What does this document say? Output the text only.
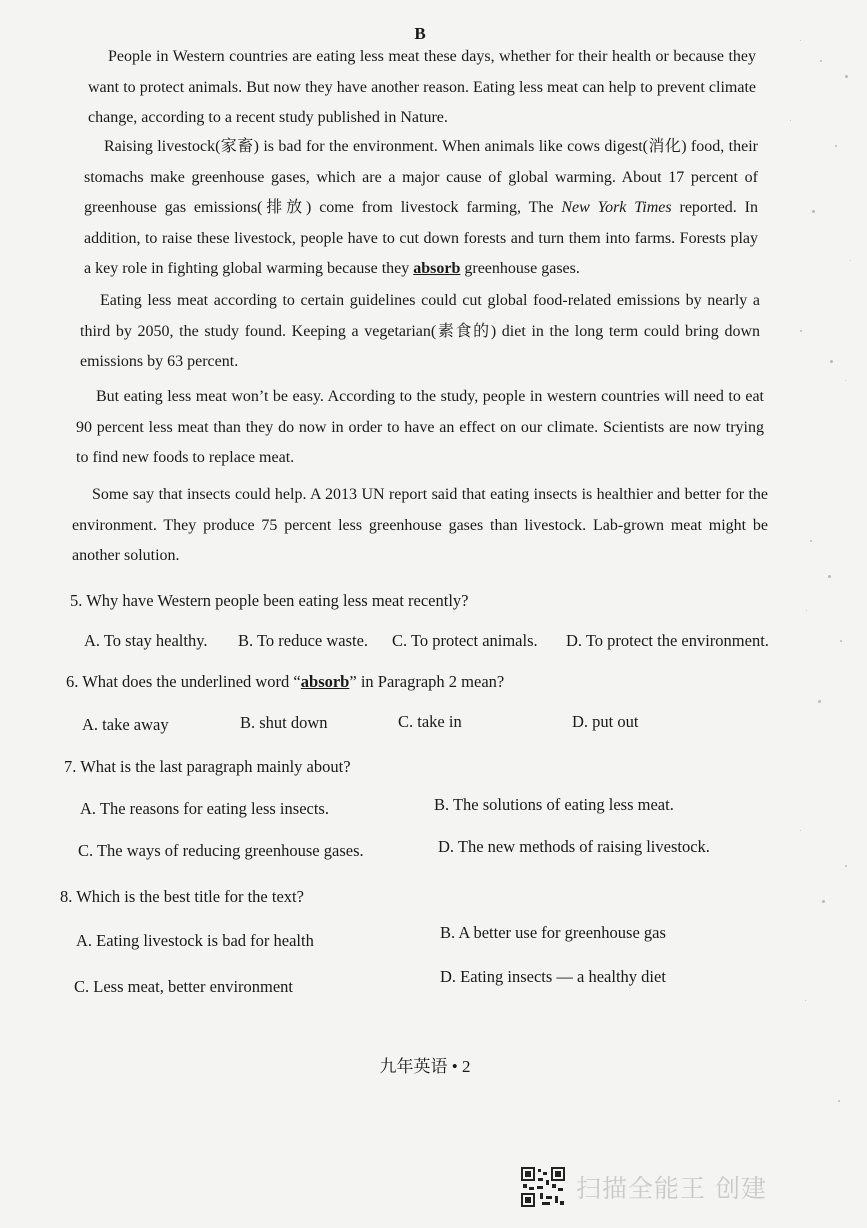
B

People in Western countries are eating less meat these days, whether for their health or because they want to protect animals. But now they have another reason. Eating less meat can help to prevent climate change, according to a recent study published in Nature.

Raising livestock(家畜) is bad for the environment. When animals like cows digest(消化) food, their stomachs make greenhouse gases, which are a major cause of global warming. About 17 percent of greenhouse gas emissions(排放) come from livestock farming, The New York Times reported. In addition, to raise these livestock, people have to cut down forests and turn them into farms. Forests play a key role in fighting global warming because they absorb greenhouse gases.

Eating less meat according to certain guidelines could cut global food-related emissions by nearly a third by 2050, the study found. Keeping a vegetarian(素食的) diet in the long term could bring down emissions by 63 percent.

But eating less meat won’t be easy. According to the study, people in western countries will need to eat 90 percent less meat than they do now in order to have an effect on our climate. Scientists are now trying to find new foods to replace meat.

Some say that insects could help. A 2013 UN report said that eating insects is healthier and better for the environment. They produce 75 percent less greenhouse gases than livestock. Lab-grown meat might be another solution.

5. Why have Western people been eating less meat recently?

A. To stay healthy. B. To reduce waste. C. To protect animals. D. To protect the environment.

6. What does the underlined word “absorb” in Paragraph 2 mean?

A. take away	B. shut down	C. take in	D. put out

7. What is the last paragraph mainly about?

A. The reasons for eating less insects.	B. The solutions of eating less meat.
C. The ways of reducing greenhouse gases.	D. The new methods of raising livestock.

8. Which is the best title for the text?

A. Eating livestock is bad for health	B. A better use for greenhouse gas
C. Less meat, better environment
D. Eating insects — a healthy diet
九年英语 • 2
扫描全能王 创建
